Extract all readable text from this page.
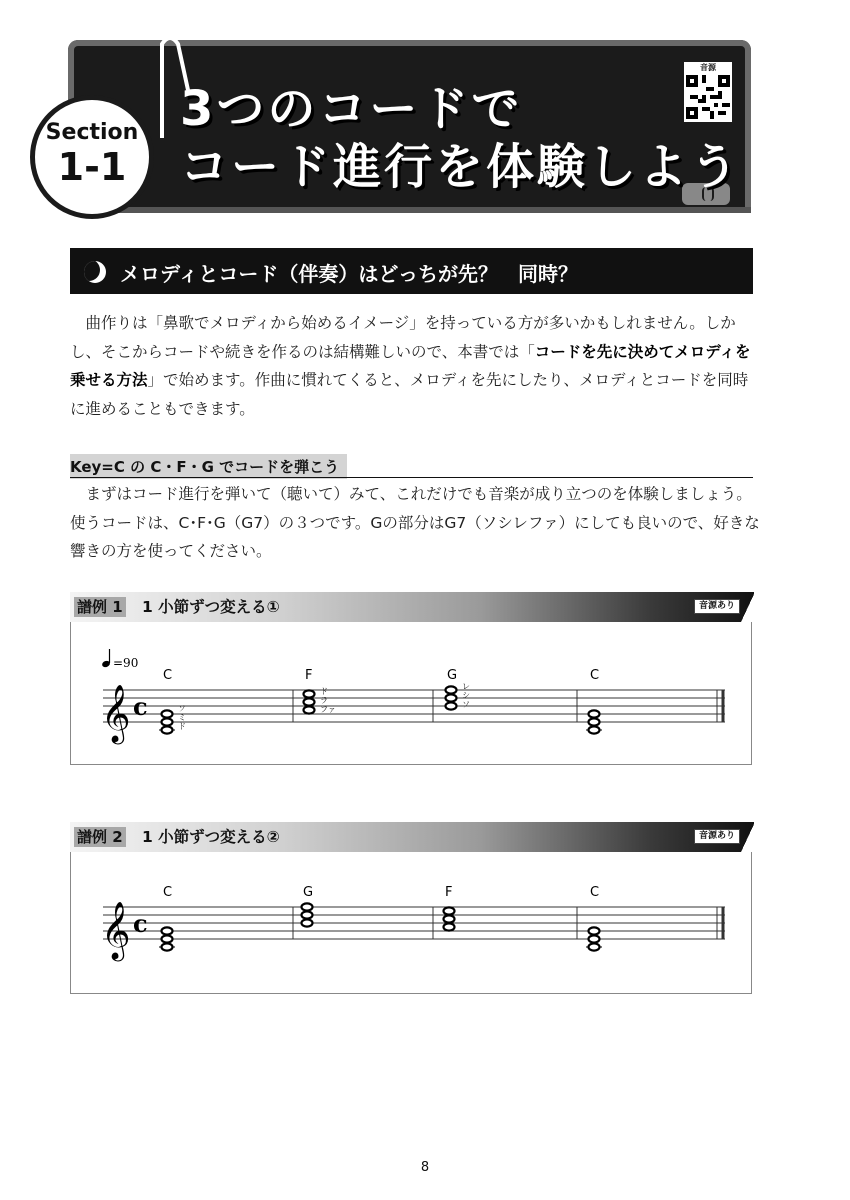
3つのコードで
コード進行を体験しよう
音源
Section
1-1
メロディとコード（伴奏）はどっちが先？　同時？

曲作りは「鼻歌でメロディから始めるイメージ」を持っている方が多いかもしれません。しかし、そこからコードや続きを作るのは結構難しいので、本書では「コードを先に決めてメロディを乗せる方法」で始めます。作曲に慣れてくると、メロディを先にしたり、メロディとコードを同時に進めることもできます。

Key=C の C・F・G でコードを弾こう

まずはコード進行を弾いて（聴いて）みて、これだけでも音楽が成り立つのを体験しましょう。使うコードは、C･F･G（G7）の３つです。Gの部分はG7（ソシレファ）にしても良いので、好きな響きの方を使ってください。

譜例 1 1 小節ずつ変える①	音源あり
=90
𝄞 c
C	F	G	C
ソ
ミ
ド
ド
ラ
ファ
レ
シ
ソ
譜例 2 1 小節ずつ変える②	音源あり
𝄞 c
C	G	F	C
8
